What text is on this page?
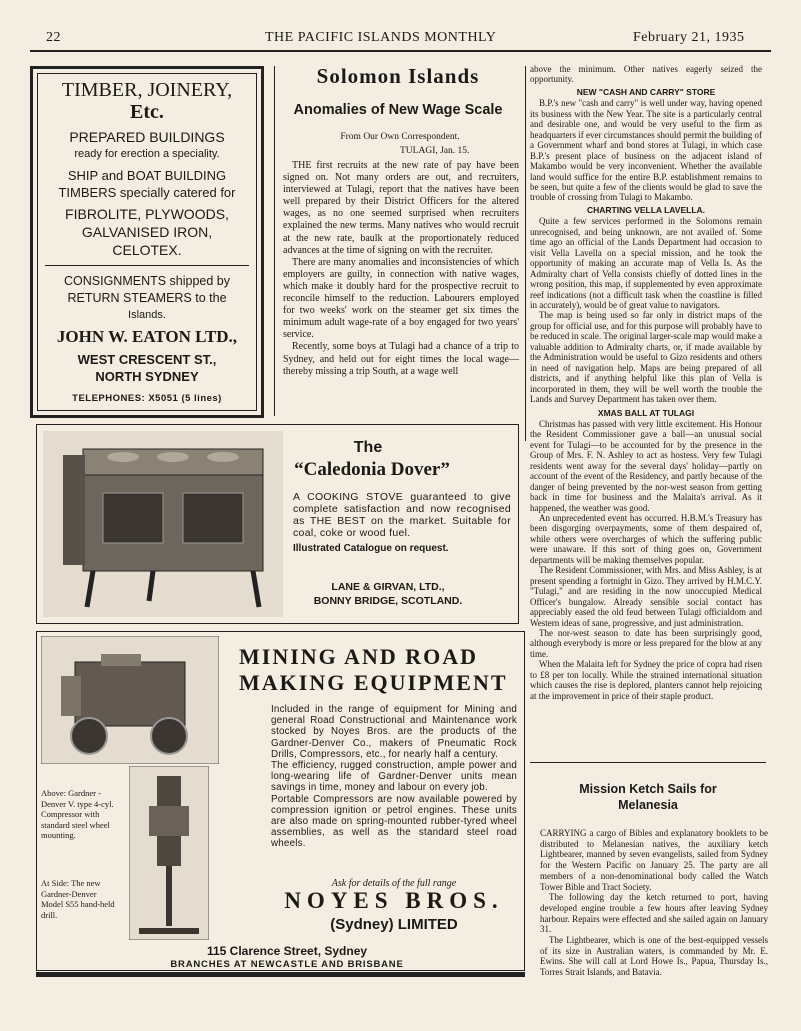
22	THE PACIFIC ISLANDS MONTHLY	February 21, 1935
TIMBER, JOINERY,
Etc.
PREPARED BUILDINGS
ready for erection a speciality.
SHIP and BOAT BUILDING
TIMBERS specially catered for
FIBROLITE, PLYWOODS,
GALVANISED IRON,
CELOTEX.
CONSIGNMENTS shipped by
RETURN STEAMERS to the
Islands.
JOHN W. EATON LTD.,
WEST CRESCENT ST.,
NORTH SYDNEY
TELEPHONES: X5051 (5 lines)
Solomon Islands
Anomalies of New Wage Scale
From Our Own Correspondent.
TULAGI, Jan. 15.

THE first recruits at the new rate of pay have been signed on. Not many orders are out, and recruiters, interviewed at Tulagi, report that the natives have been well prepared by their District Officers for the altered wages, as no one seemed surprised when recruiters explained the new terms. Many natives who would recruit at the new rate, baulk at the proportionately reduced advances at the time of signing on with the recruiter.

There are many anomalies and inconsistencies of which employers are guilty, in connection with native wages, which make it doubly hard for the prospective recruit to reconcile himself to the reduction. Labourers employed for two weeks' work on the steamer get six times the minimum adult wage-rate of a boy engaged for two years' service.

Recently, some boys at Tulagi had a chance of a trip to Sydney, and held out for eight times the local wage—thereby missing a trip South, at a wage well

above the minimum. Other natives eagerly seized the opportunity.

NEW "CASH AND CARRY" STORE

B.P.'s new "cash and carry" is well under way, having opened its business with the New Year. The site is a particularly central and desirable one, and would be very useful to the firm as headquarters if ever circumstances should permit the building of a Government wharf and bond stores at Tulagi, in which case B.P.'s present place of business on the adjacent island of Makambo would be very inconvenient. Whether the available land would suffice for the entire B.P. establishment remains to be seen, but quite a few of the clients would be glad to save the trouble of crossing from Tulagi to Makambo.

CHARTING VELLA LAVELLA.

Quite a few services performed in the Solomons remain unrecognised, and being unknown, are not availed of. Some time ago an official of the Lands Department had occasion to visit Vella Lavella on a special mission, and he took the opportunity of making an accurate map of Vella Is. As the Admiralty chart of Vella consists chiefly of dotted lines in the wrong position, this map, if supplemented by even approximate reef indications (not a difficult task when the coastline is filled in accurately), would be of great value to navigators.

The map is being used so far only in district maps of the group for official use, and for this purpose will probably have to be reduced in scale. The original larger-scale map would make a valuable addition to Admiralty charts, or, if made available by the Administration would be useful to Gizo residents and others in need of navigation help. Maps are being prepared of all districts, and if anything helpful like this plan of Vella is incorporated in them, they will be well worth the trouble the Lands and Survey Department has taken over them.

XMAS BALL AT TULAGI

Christmas has passed with very little excitement. His Honour the Resident Commissioner gave a ball—an unusual social event for Tulagi—to be accounted for by the presence in the Group of Mrs. F. N. Ashley to act as hostess. Very few Tulagi residents went away for the several days' holiday—partly on account of the event of the Residency, and partly because of the danger of being prevented by the nor-west season from getting back in time for business and the Malaita's arrival. As it happened, the weather was good.

An unprecedented event has occurred. H.B.M.'s Treasury has been disgorging overpayments, some of them despaired of, while others were overcharges of which the suffering public were unaware. If this sort of thing goes on, Government departments will be making themselves popular.

The Resident Commissioner, with Mrs. and Miss Ashley, is at present spending a fortnight in Gizo. They arrived by H.M.C.Y. "Tulagi," and are residing in the now unoccupied Medical Officer's bungalow. Already sensible social contact has appreciably eased the old feud between Tulagi officialdom and Western ideas of sane, progressive, and just administration.

The nor-west season to date has been surprisingly good, although everybody is more or less prepared for the blow at any time.

When the Malaita left for Sydney the price of copra had risen to £8 per ton locally. While the strained international situation which causes the rise is deplored, planters cannot help rejoicing at the improvement in price of their staple product.

The
“Caledonia Dover”
A COOKING STOVE guaranteed to give complete satisfaction and now recognised as THE BEST on the market. Suitable for coal, coke or wood fuel.
Illustrated Catalogue on request.
LANE & GIRVAN, LTD.,
BONNY BRIDGE, SCOTLAND.
MINING AND ROAD
MAKING EQUIPMENT
Included in the range of equipment for Mining and general Road Constructional and Maintenance work stocked by Noyes Bros. are the products of the Gardner-Denver Co., makers of Pneumatic Rock Drills, Compressors, etc., for nearly half a century.
The efficiency, rugged construction, ample power and long-wearing life of Gardner-Denver units mean savings in time, money and labour on every job.
Portable Compressors are now available powered by compression ignition or petrol engines. These units are also made on spring-mounted rubber-tyred wheel assemblies, as well as the standard steel road wheels.
Ask for details of the full range
NOYES BROS.
(Sydney) LIMITED
115 Clarence Street, Sydney
BRANCHES AT NEWCASTLE AND BRISBANE
Above: Gardner - Denver V. type 4-cyl. Compressor with standard steel wheel mounting.
At Side: The new Gardner-Denver Model S55 hand-held drill.
Mission Ketch Sails for
Melanesia

CARRYING a cargo of Bibles and explanatory booklets to be distributed to Melanesian natives, the auxiliary ketch Lightbearer, manned by seven evangelists, sailed from Sydney for the Western Pacific on January 25. The party are all members of a non-denominational body called the Watch Tower Bible and Tract Society.

The following day the ketch returned to port, having developed engine trouble a few hours after leaving Sydney harbour. Repairs were effected and she sailed again on January 31.

The Lightbearer, which is one of the best-equipped vessels of its size in Australian waters, is commanded by Mr. E. Ewins. She will call at Lord Howe Is., Papua, Thursday Is., Torres Strait Islands, and Batavia.
